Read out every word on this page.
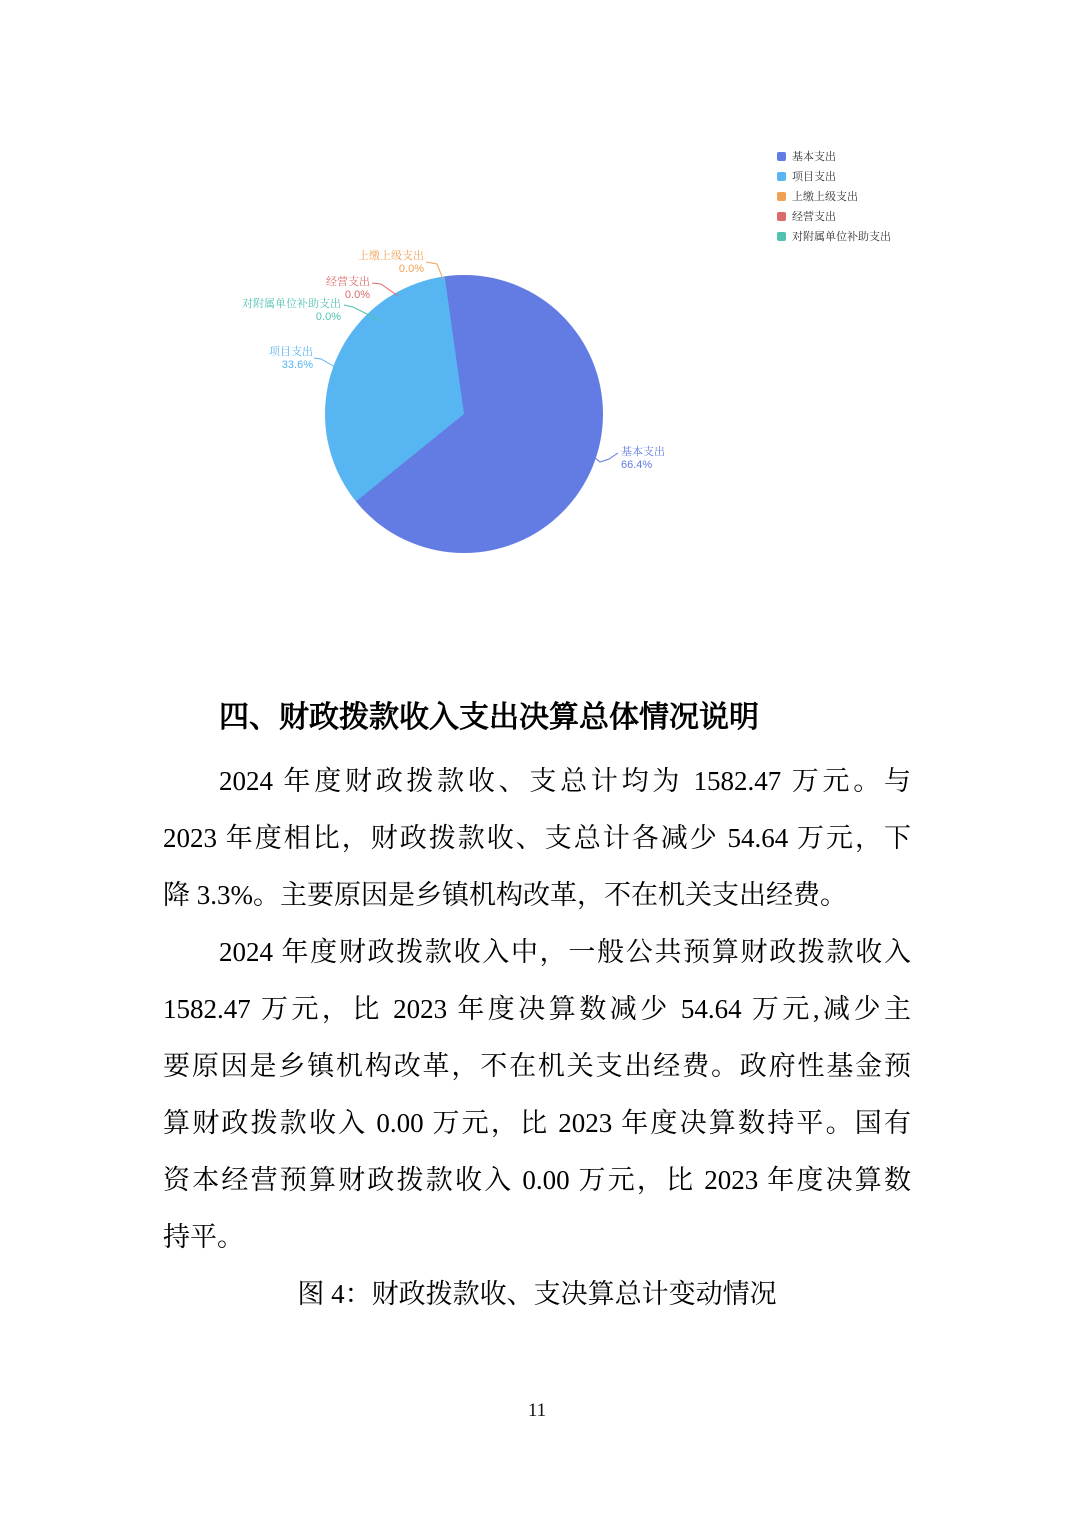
基本支出
66.4%
项目支出
33.6%
上缴上级支出
0.0%
经营支出
0.0%
对附属单位补助支出
0.0%
基本支出
项目支出
上缴上级支出
经营支出
对附属单位补助支出
四、财政拨款收入支出决算总体情况说明
2024 年度财政拨款收、支总计均为 1582.47 万元。与
2023 年度相比，财政拨款收、支总计各减少 54.64 万元，下
降 3.3%。主要原因是乡镇机构改革，不在机关支出经费。
2024 年度财政拨款收入中，一般公共预算财政拨款收入
1582.47 万元，比 2023 年度决算数减少 54.64 万元,减少主
要原因是乡镇机构改革，不在机关支出经费。政府性基金预
算财政拨款收入 0.00 万元，比 2023 年度决算数持平。国有
资本经营预算财政拨款收入 0.00 万元，比 2023 年度决算数
持平。
图 4：财政拨款收、支决算总计变动情况
11
